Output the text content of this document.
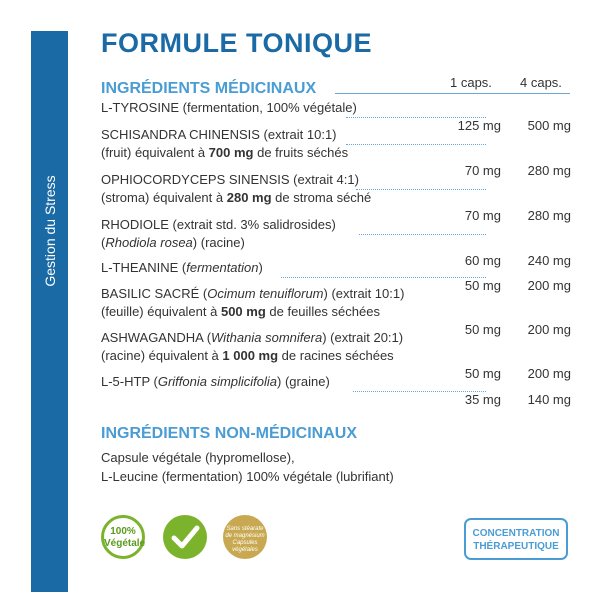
Gestion du Stress
FORMULE TONIQUE
INGRÉDIENTS MÉDICINAUX	1 caps. 4 caps.
L-TYROSINE (fermentation, 100% végétale)
125 mg 500 mg
SCHISANDRA CHINENSIS (extrait 10:1)
(fruit) équivalent à 700 mg de fruits séchés
70 mg 280 mg
OPHIOCORDYCEPS SINENSIS (extrait 4:1)
(stroma) équivalent à 280 mg de stroma séché
70 mg 280 mg
RHODIOLE (extrait std. 3% salidrosides)
(Rhodiola rosea) (racine)
60 mg 240 mg
L-THEANINE (fermentation)
50 mg 200 mg
BASILIC SACRÉ (Ocimum tenuiflorum) (extrait 10:1)
(feuille) équivalent à 500 mg de feuilles séchées
50 mg 200 mg
ASHWAGANDHA (Withania somnifera) (extrait 20:1)
(racine) équivalent à 1 000 mg de racines séchées
50 mg 200 mg
L-5-HTP (Griffonia simplicifolia) (graine)
35 mg 140 mg
INGRÉDIENTS NON-MÉDICINAUX
Capsule végétale (hypromellose),
L-Leucine (fermentation) 100% végétale (lubrifiant)
100% Végétale
Sans stéarate de magnésium Capsules végétales
CONCENTRATION
THÉRAPEUTIQUE
